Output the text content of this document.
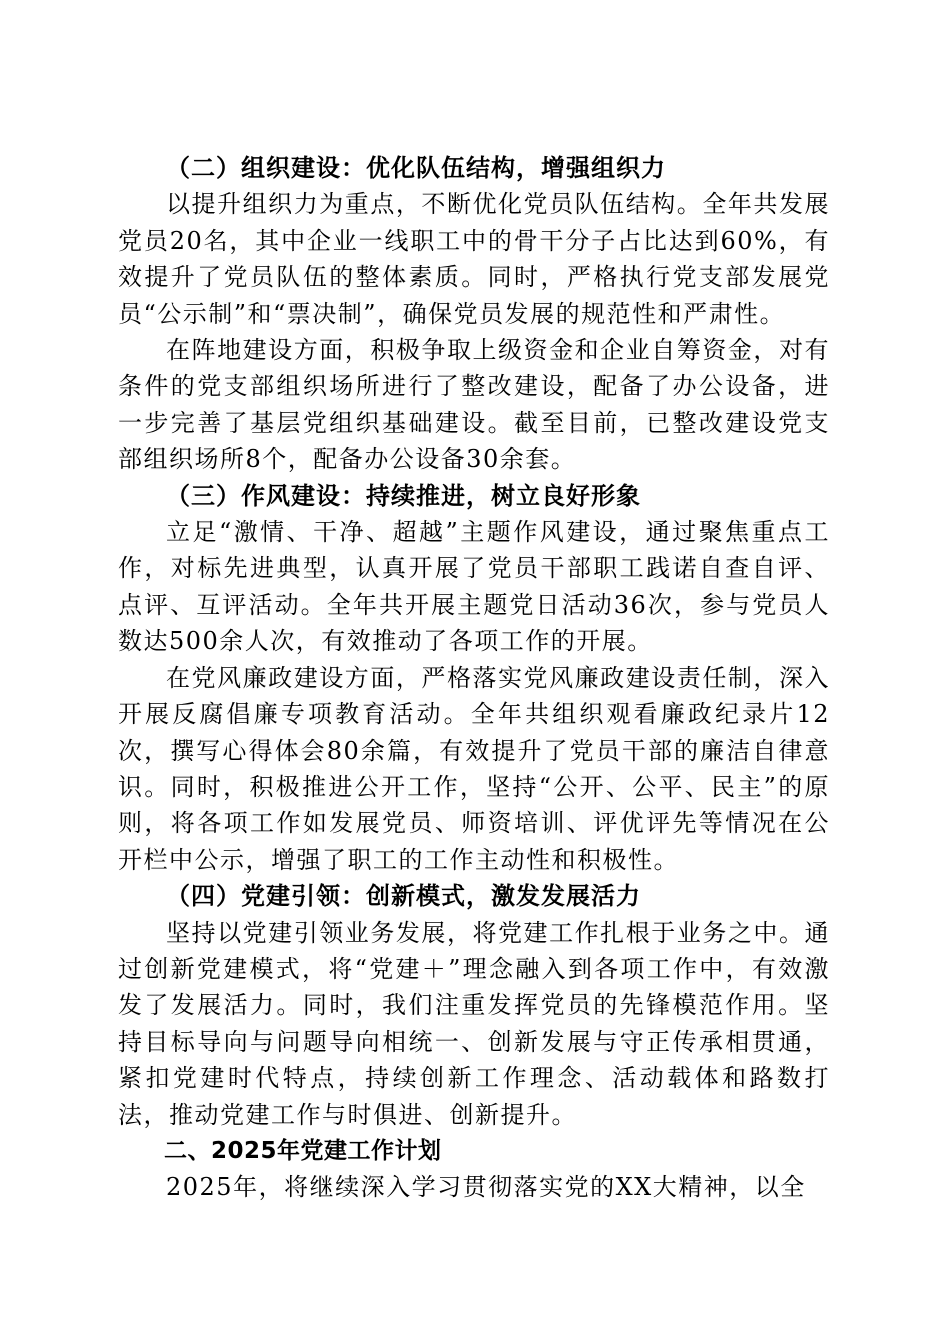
（二）组织建设：优化队伍结构，增强组织力

以提升组织力为重点，不断优化党员队伍结构。全年共发展党员20名，其中企业一线职工中的骨干分子占比达到60%，有效提升了党员队伍的整体素质。同时，严格执行党支部发展党员“公示制”和“票决制”，确保党员发展的规范性和严肃性。

在阵地建设方面，积极争取上级资金和企业自筹资金，对有条件的党支部组织场所进行了整改建设，配备了办公设备，进一步完善了基层党组织基础建设。截至目前，已整改建设党支部组织场所8个，配备办公设备30余套。

（三）作风建设：持续推进，树立良好形象

立足“激情、干净、超越”主题作风建设，通过聚焦重点工作，对标先进典型，认真开展了党员干部职工践诺自查自评、点评、互评活动。全年共开展主题党日活动36次，参与党员人数达500余人次，有效推动了各项工作的开展。

在党风廉政建设方面，严格落实党风廉政建设责任制，深入开展反腐倡廉专项教育活动。全年共组织观看廉政纪录片12次，撰写心得体会80余篇，有效提升了党员干部的廉洁自律意识。同时，积极推进公开工作，坚持“公开、公平、民主”的原则，将各项工作如发展党员、师资培训、评优评先等情况在公开栏中公示，增强了职工的工作主动性和积极性。

（四）党建引领：创新模式，激发发展活力

坚持以党建引领业务发展，将党建工作扎根于业务之中。通过创新党建模式，将“党建＋”理念融入到各项工作中，有效激发了发展活力。同时，我们注重发挥党员的先锋模范作用。坚持目标导向与问题导向相统一、创新发展与守正传承相贯通，紧扣党建时代特点，持续创新工作理念、活动载体和路数打法，推动党建工作与时俱进、创新提升。

二、2025年党建工作计划

2025年，将继续深入学习贯彻落实党的XX大精神，以全
